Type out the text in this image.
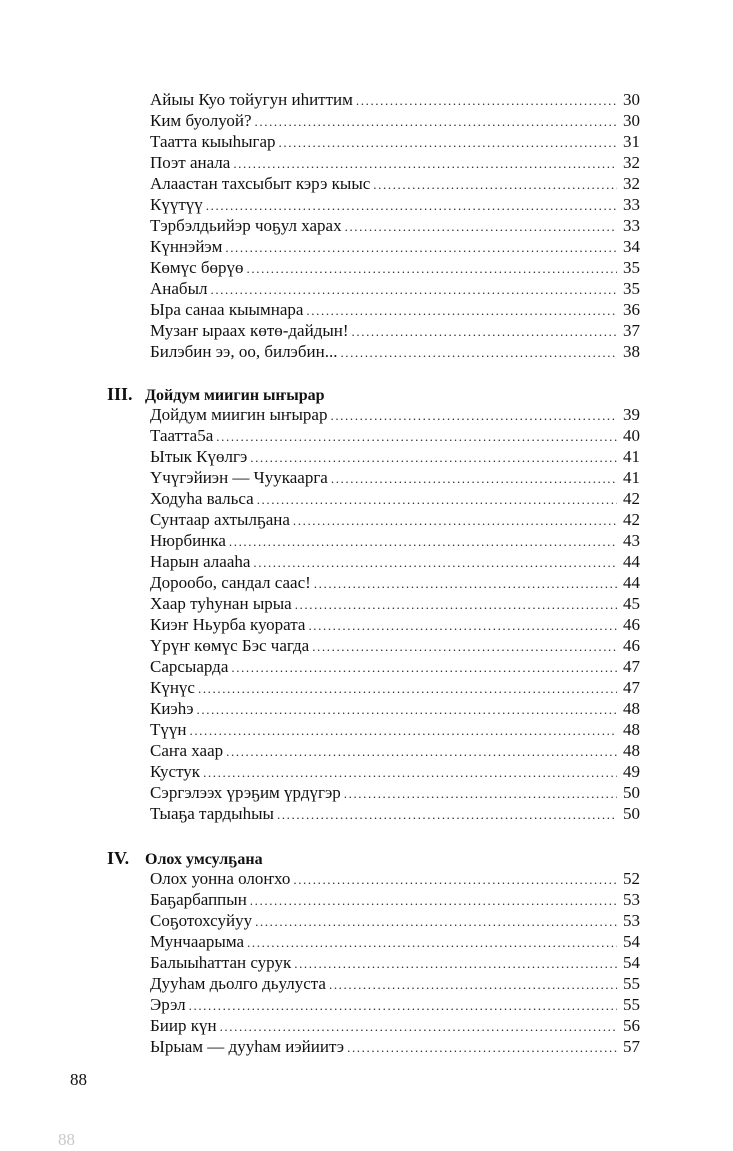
Айыы Куо тойугун иһиттим .....	30
Ким буолуой? .....	30
Таатта кыыһыгар .....	31
Поэт анала .....	32
Алаастан тахсыбыт кэрэ кыыс .....	32
Күүтүү .....	33
Тэрбэлдьийэр чоҕул харах .....	33
Күннэйэм .....	34
Көмүс бөрүө .....	35
Анабыл .....	35
Ыра санаа кыымнара .....	36
Музаҥ ыраах көтө-дайдын! .....	37
Билэбин ээ, оо, билэбин... .....	38
III. Дойдум миигин ыҥырар
Дойдум миигин ыҥырар .....	39
Таатта5а .....	40
Ытык Күөлгэ .....	41
Үчүгэйиэн — Чуукаарга .....	41
Ходуһа вальса .....	42
Сунтаар ахтылҕана .....	42
Нюрбинка .....	43
Нарын алааһа .....	44
Дорообо, сандал саас! .....	44
Хаар туһунан ырыа .....	45
Киэҥ Ньурба куората .....	46
Үрүҥ көмүс Бэс чагда .....	46
Сарсыарда .....	47
Күнүс .....	47
Киэһэ .....	48
Түүн .....	48
Саҥа хаар .....	48
Кустук .....	49
Сэргэлээх үрэҕим үрдүгэр .....	50
Тыаҕа тардыһыы .....	50
IV. Олох умсулҕана
Олох уонна олоҥхо .....	52
Баҕарбаппын .....	53
Соҕотохсуйуу .....	53
Мунчаарыма .....	54
Балыыһаттан сурук .....	54
Дууһам дьолго дьулуста .....	55
Эрэл .....	55
Биир күн .....	56
Ырыам — дууһам иэйиитэ .....	57
88
88
